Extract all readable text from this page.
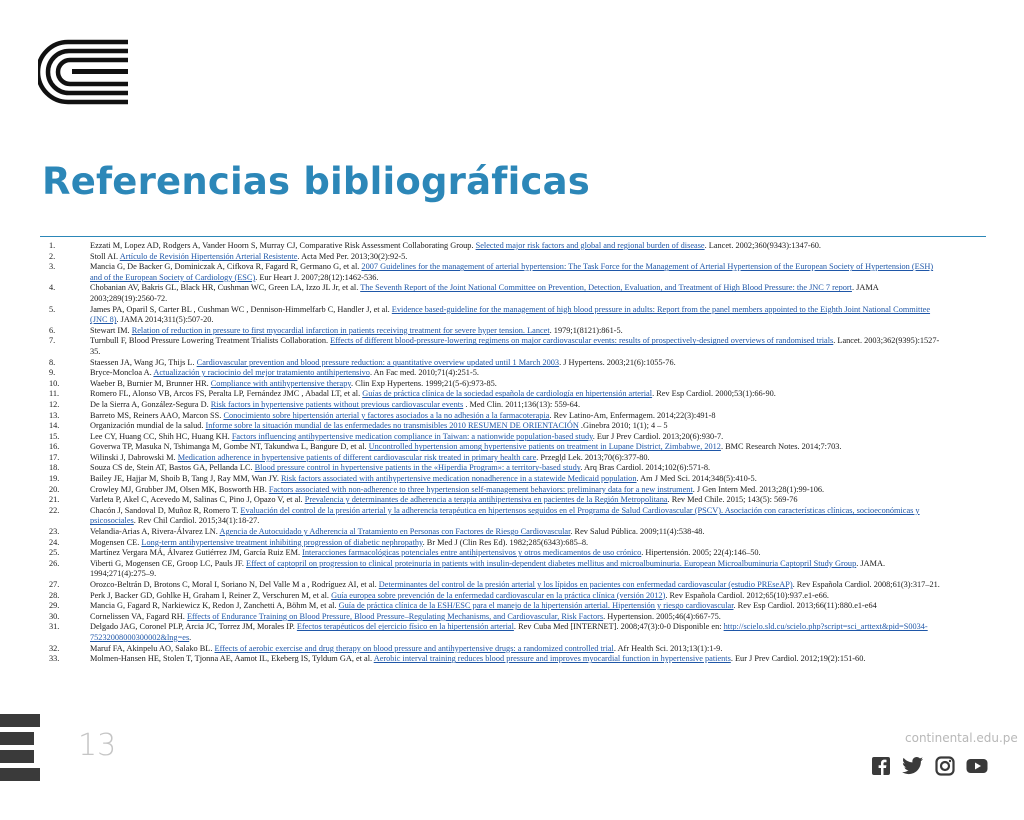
Referencias bibliográficas
1.	Ezzati M, Lopez AD, Rodgers A, Vander Hoorn S, Murray CJ, Comparative Risk Assessment Collaborating Group. Selected major risk factors and global and regional burden of disease. Lancet. 2002;360(9343):1347-60.
2.	Stoll AI. Artículo de Revisión Hipertensión Arterial Resistente. Acta Med Per. 2013;30(2):92-5.
3.	Mancia G, De Backer G, Dominiczak A, Cifkova R, Fagard R, Germano G, et al. 2007 Guidelines for the management of arterial hypertension: The Task Force for the Management of Arterial Hypertension of the European Society of Hypertension (ESH) and of the European Society of Cardiology (ESC). Eur Heart J. 2007;28(12):1462-536.
4.	Chobanian AV, Bakris GL, Black HR, Cushman WC, Green LA, Izzo JL Jr, et al. The Seventh Report of the Joint National Committee on Prevention, Detection, Evaluation, and Treatment of High Blood Pressure: the JNC 7 report. JAMA 2003;289(19):2560-72.
5.	James PA, Oparil S, Carter BL , Cushman WC , Dennison-Himmelfarb C, Handler J, et al. Evidence based-guideline for the management of high blood pressure in adults: Report from the panel members appointed to the Eighth Joint National Committee (JNC 8). JAMA 2014;311(5):507-20.
6.	Stewart IM. Relation of reduction in pressure to first myocardial infarction in patients receiving treatment for severe hyper tension. Lancet. 1979;1(8121):861-5.
7.	Turnbull F, Blood Pressure Lowering Treatment Trialists Collaboration. Effects of different blood-pressure-lowering regimens on major cardiovascular events: results of prospectively-designed overviews of randomised trials. Lancet. 2003;362(9395):1527-35.
8.	Staessen JA, Wang JG, Thijs L. Cardiovascular prevention and blood pressure reduction: a quantitative overview updated until 1 March 2003. J Hypertens. 2003;21(6):1055-76.
9.	Bryce-Moncloa A. Actualización y raciocinio del mejor tratamiento antihipertensivo. An Fac med. 2010;71(4):251-5.
10.	Waeber B, Burnier M, Brunner HR. Compliance with antihypertensive therapy. Clin Exp Hypertens. 1999;21(5-6):973-85.
11.	Romero FL, Alonso VB, Arcos FS, Peralta LP, Fernández JMC , Abadal LT, et al. Guías de práctica clínica de la sociedad española de cardiología en hipertensión arterial. Rev Esp Cardiol. 2000;53(1):66-90.
12.	De la Sierra A, González-Segura D. Risk factors in hypertensive patients without previous cardiovascular events . Med Clin. 2011;136(13): 559-64.
13.	Barreto MS, Reiners AAO, Marcon SS. Conocimiento sobre hipertensión arterial y factores asociados a la no adhesión a la farmacoterapia. Rev Latino-Am, Enfermagem. 2014;22(3):491-8
14.	Organización mundial de la salud. Informe sobre la situación mundial de las enfermedades no transmisibles 2010 RESUMEN DE ORIENTACIÓN .Ginebra 2010; 1(1); 4 – 5
15.	Lee CY, Huang CC, Shih HC, Huang KH. Factors influencing antihypertensive medication compliance in Taiwan: a nationwide population-based study. Eur J Prev Cardiol. 2013;20(6):930-7.
16.	Goverwa TP, Masuka N, Tshimanga M, Gombe NT, Takundwa L, Bangure D, et al. Uncontrolled hypertension among hypertensive patients on treatment in Lupane District, Zimbabwe, 2012. BMC Research Notes. 2014;7:703.
17.	Wilinski J, Dabrowski M. Medication adherence in hypertensive patients of different cardiovascular risk treated in primary health care. Przegl̦d Lek. 2013;70(6):377-80.
18.	Souza CS de, Stein AT, Bastos GA, Pellanda LC. Blood pressure control in hypertensive patients in the «Hiperdia Program»: a territory-based study. Arq Bras Cardiol. 2014;102(6):571-8.
19.	Bailey JE, Hajjar M, Shoib B, Tang J, Ray MM, Wan JY. Risk factors associated with antihypertensive medication nonadherence in a statewide Medicaid population. Am J Med Sci. 2014;348(5):410-5.
20.	Crowley MJ, Grubber JM, Olsen MK, Bosworth HB. Factors associated with non-adherence to three hypertension self-management behaviors: preliminary data for a new instrument. J Gen Intern Med. 2013;28(1):99-106.
21.	Varleta P, Akel C, Acevedo M, Salinas C, Pino J, Opazo V, et al. Prevalencia y determinantes de adherencia a terapia antihipertensiva en pacientes de la Región Metropolitana. Rev Med Chile. 2015; 143(5): 569-76
22.	Chacón J, Sandoval D, Muñoz R, Romero T. Evaluación del control de la presión arterial y la adherencia terapéutica en hipertensos seguidos en el Programa de Salud Cardiovascular (PSCV). Asociación con características clínicas, socioeconómicas y psicosociales. Rev Chil Cardiol. 2015;34(1):18-27.
23.	Velandia-Arias A, Rivera-Álvarez LN. Agencia de Autocuidado y Adherencia al Tratamiento en Personas con Factores de Riesgo Cardiovascular. Rev Salud Pública. 2009;11(4):538-48.
24.	Mogensen CE. Long-term antihypertensive treatment inhibiting progression of diabetic nephropathy. Br Med J (Clin Res Ed). 1982;285(6343):685–8.
25.	Martínez Vergara MÁ, Álvarez Gutiérrez JM, García Ruiz EM. Interacciones farmacológicas potenciales entre antihipertensivos y otros medicamentos de uso crónico. Hipertensión. 2005; 22(4):146–50.
26.	Viberti G, Mogensen CE, Groop LC, Pauls JF. Effect of captopril on progression to clinical proteinuria in patients with insulin-dependent diabetes mellitus and microalbuminuria. European Microalbuminuria Captopril Study Group. JAMA. 1994;271(4):275–9.
27.	Orozco-Beltrán D, Brotons C, Moral I, Soriano N, Del Valle M a , Rodríguez AI, et al. Determinantes del control de la presión arterial y los lípidos en pacientes con enfermedad cardiovascular (estudio PREseAP). Rev Española Cardiol. 2008;61(3):317–21.
28.	Perk J, Backer GD, Gohlke H, Graham I, Reiner Z, Verschuren M, et al. Guía europea sobre prevención de la enfermedad cardiovascular en la práctica clínica (versión 2012). Rev Española Cardiol. 2012;65(10):937.e1-e66.
29.	Mancia G, Fagard R, Narkiewicz K, Redon J, Zanchetti A, Böhm M, et al. Guía de práctica clínica de la ESH/ESC para el manejo de la hipertensión arterial. Hipertensión y riesgo cardiovascular. Rev Esp Cardiol. 2013;66(11):880.e1-e64
30.	Cornelissen VA, Fagard RH. Effects of Endurance Training on Blood Pressure, Blood Pressure–Regulating Mechanisms, and Cardiovascular, Risk Factors. Hypertension. 2005;46(4):667-75.
31.	Delgado JAG, Coronel PLP, Arcia JC, Torrez JM, Morales IP. Efectos terapéuticos del ejercicio físico en la hipertensión arterial. Rev Cuba Med [INTERNET]. 2008;47(3):0-0 Disponible en: http://scielo.sld.cu/scielo.php?script=sci_arttext&pid=S0034-75232008000300002&lng=es.
32.	Maruf FA, Akinpelu AO, Salako BL. Effects of aerobic exercise and drug therapy on blood pressure and antihypertensive drugs: a randomized controlled trial. Afr Health Sci. 2013;13(1):1-9.
33.	Molmen-Hansen HE, Stolen T, Tjonna AE, Aamot IL, Ekeberg IS, Tyldum GA, et al. Aerobic interval training reduces blood pressure and improves myocardial function in hypertensive patients. Eur J Prev Cardiol. 2012;19(2):151-60.
13	continental.edu.pe
